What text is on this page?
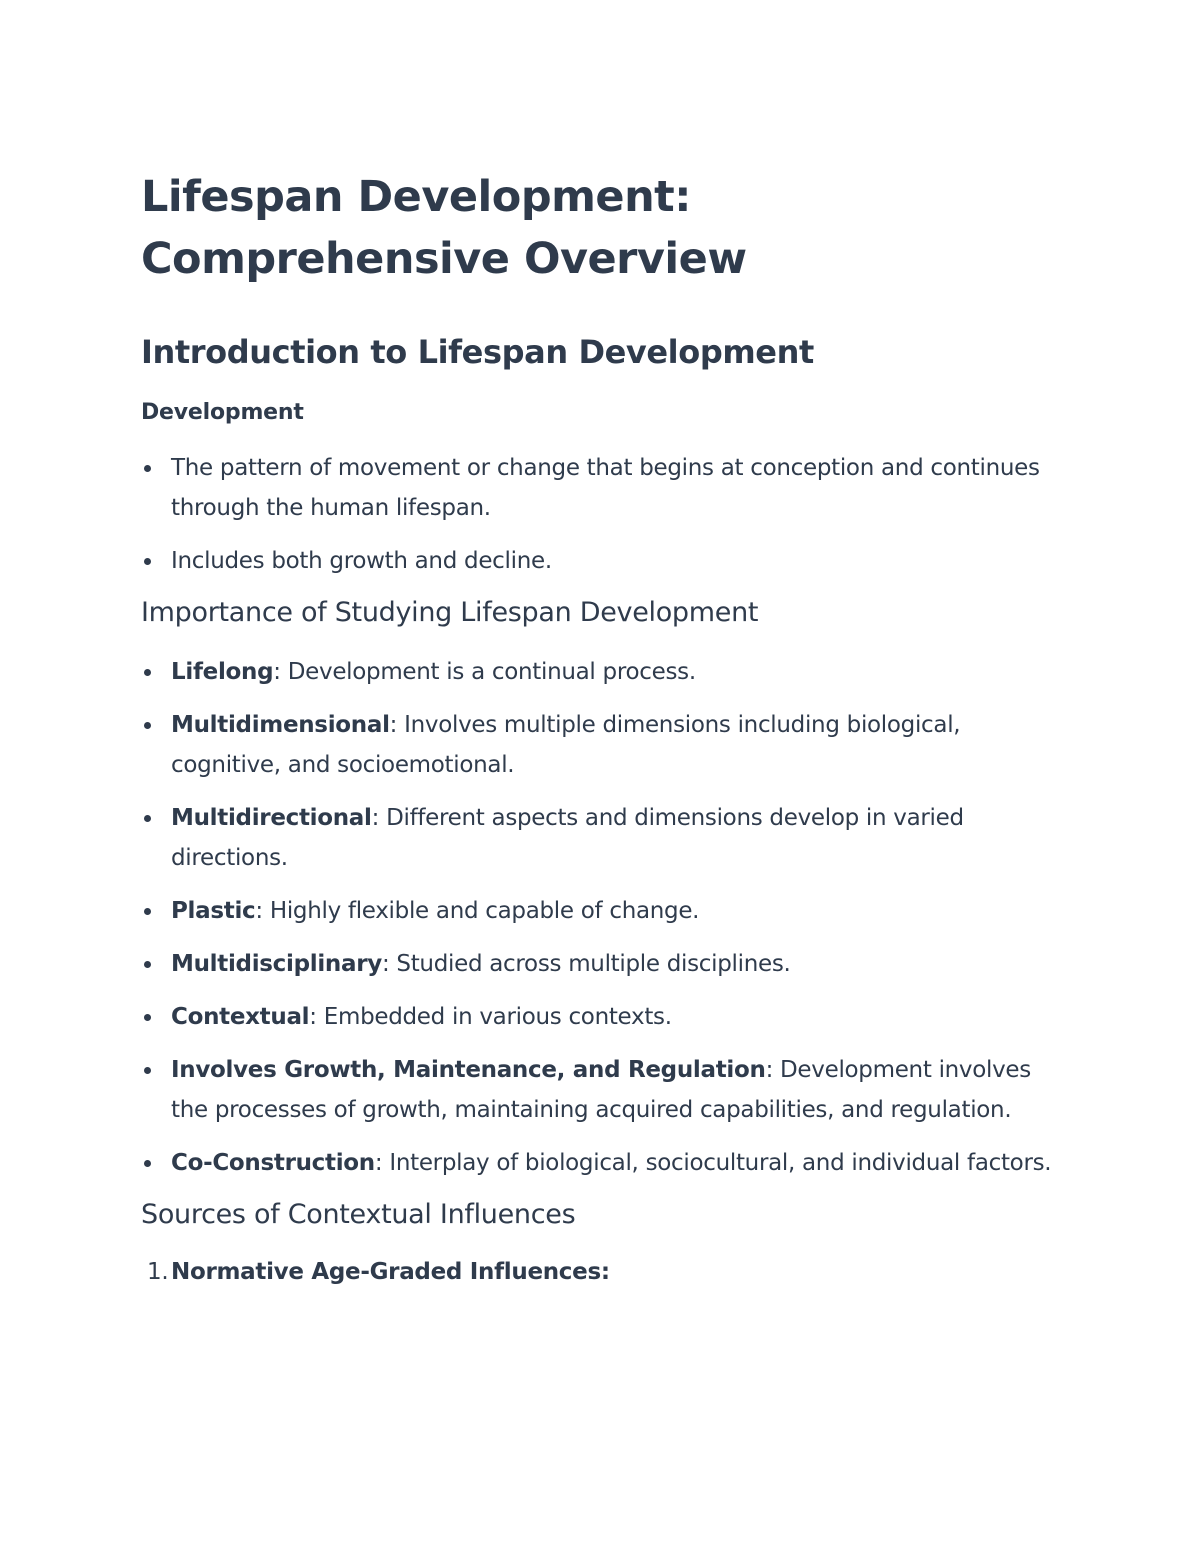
Lifespan Development: Comprehensive Overview
Introduction to Lifespan Development
Development
The pattern of movement or change that begins at conception and continues through the human lifespan.
Includes both growth and decline.
Importance of Studying Lifespan Development
Lifelong: Development is a continual process.
Multidimensional: Involves multiple dimensions including biological, cognitive, and socioemotional.
Multidirectional: Different aspects and dimensions develop in varied directions.
Plastic: Highly flexible and capable of change.
Multidisciplinary: Studied across multiple disciplines.
Contextual: Embedded in various contexts.
Involves Growth, Maintenance, and Regulation: Development involves the processes of growth, maintaining acquired capabilities, and regulation.
Co-Construction: Interplay of biological, sociocultural, and individual factors.
Sources of Contextual Influences
1. Normative Age-Graded Influences:
